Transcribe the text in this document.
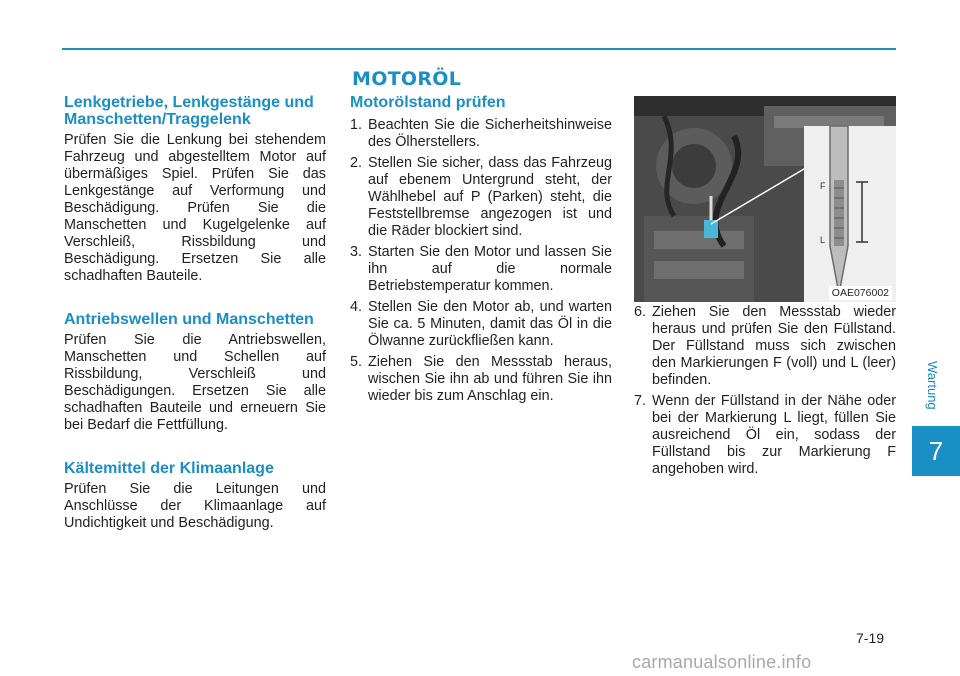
MOTORÖL
Lenkgetriebe, Lenkgestänge und Manschetten/Traggelenk

Prüfen Sie die Lenkung bei stehendem Fahrzeug und abgestelltem Motor auf übermäßiges Spiel. Prüfen Sie das Lenkgestänge auf Verformung und Beschädigung. Prüfen Sie die Manschetten und Kugelgelenke auf Verschleiß, Rissbildung und Beschädigung. Ersetzen Sie alle schadhaften Bauteile.

Antriebswellen und Manschetten

Prüfen Sie die Antriebswellen, Manschetten und Schellen auf Rissbildung, Verschleiß und Beschädigungen. Ersetzen Sie alle schadhaften Bauteile und erneuern Sie bei Bedarf die Fettfüllung.

Kältemittel der Klimaanlage

Prüfen Sie die Leitungen und Anschlüsse der Klimaanlage auf Undichtigkeit und Beschädigung.

Motorölstand prüfen
1. Beachten Sie die Sicherheitshinweise des Ölherstellers.
2. Stellen Sie sicher, dass das Fahrzeug auf ebenem Untergrund steht, der Wählhebel auf P (Parken) steht, die Feststellbremse angezogen ist und die Räder blockiert sind.
3. Starten Sie den Motor und lassen Sie ihn auf die normale Betriebstemperatur kommen.
4. Stellen Sie den Motor ab, und warten Sie ca. 5 Minuten, damit das Öl in die Ölwanne zurückfließen kann.
5. Ziehen Sie den Messstab heraus, wischen Sie ihn ab und führen Sie ihn wieder bis zum Anschlag ein.
F
L
OAE076002
6. Ziehen Sie den Messstab wieder heraus und prüfen Sie den Füllstand. Der Füllstand muss sich zwischen den Markierungen F (voll) und L (leer) befinden.
7. Wenn der Füllstand in der Nähe oder bei der Markierung L liegt, füllen Sie ausreichend Öl ein, sodass der Füllstand bis zur Markierung F angehoben wird.
Wartung
7
7-19
carmanualsonline.info
